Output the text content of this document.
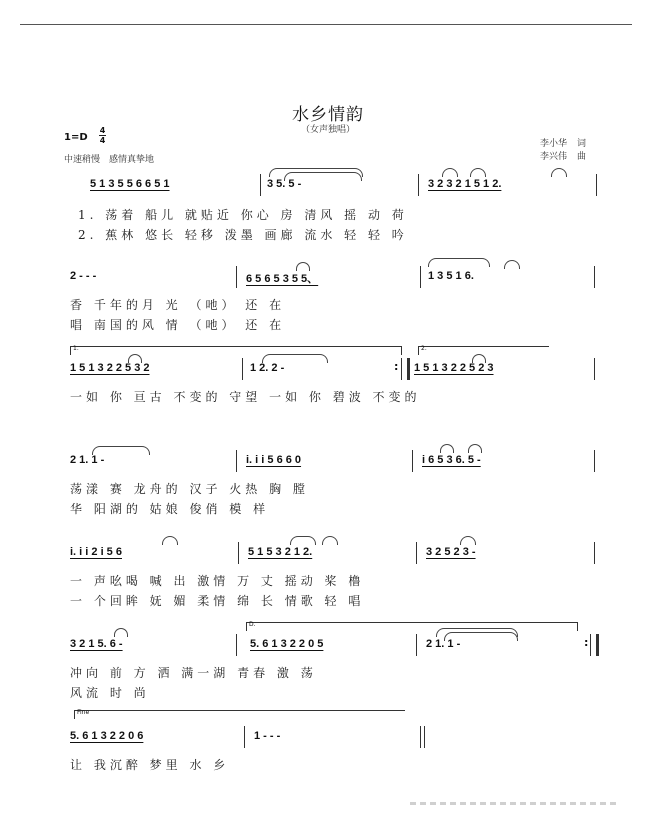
水乡情韵
（女声独唱）
1=D
4
4
中速稍慢　感情真挚地
李小华 词
李兴伟 曲
5 1 3 5 5 6 6 5 1	3 5. 5 -	3 2 3 2 1 5 1 2.
1. 荡着 船儿 就贴近 你心 房 清风 摇 动 荷
2. 蕉林 悠长 轻移 泼墨 画廊 流水 轻 轻 吟
2 - - -	6 5 6 5 3 5 5、	1 3 5 1 6.
香 千年的月 光 （吔） 还 在
唱 南国的风 情 （吔） 还 在
1.	2.
1 5 1 3 2 2 5 3 2	1 2. 2 -	: 1 5 1 3 2 2 5 2 3
一如 你 亘古 不变的 守望 一如 你 碧波 不变的
2 1. 1 -	i. i i 5 6 6 0	i 6 5 3 6. 5 -
荡漾 赛 龙舟的 汉子 火热 胸 膛
华 阳湖的 姑娘 俊俏 模 样
i. i i 2 i 5 6	5 1 5 3 2 1 2.	3 2 5 2 3 -
一 声吆喝 喊 出 激情 万 丈 摇动 桨 橹
一 个回眸 妩 媚 柔情 绵 长 情歌 轻 唱
D.
3 2 1 5. 6 -	5. 6 1 3 2 2 0 5	2 1. 1 -	:
冲向 前 方 洒 满一湖 青春 激 荡
风流 时 尚
Fine
5. 6 1 3 2 2 0 6	1 - - -
让 我沉醉 梦里 水 乡
